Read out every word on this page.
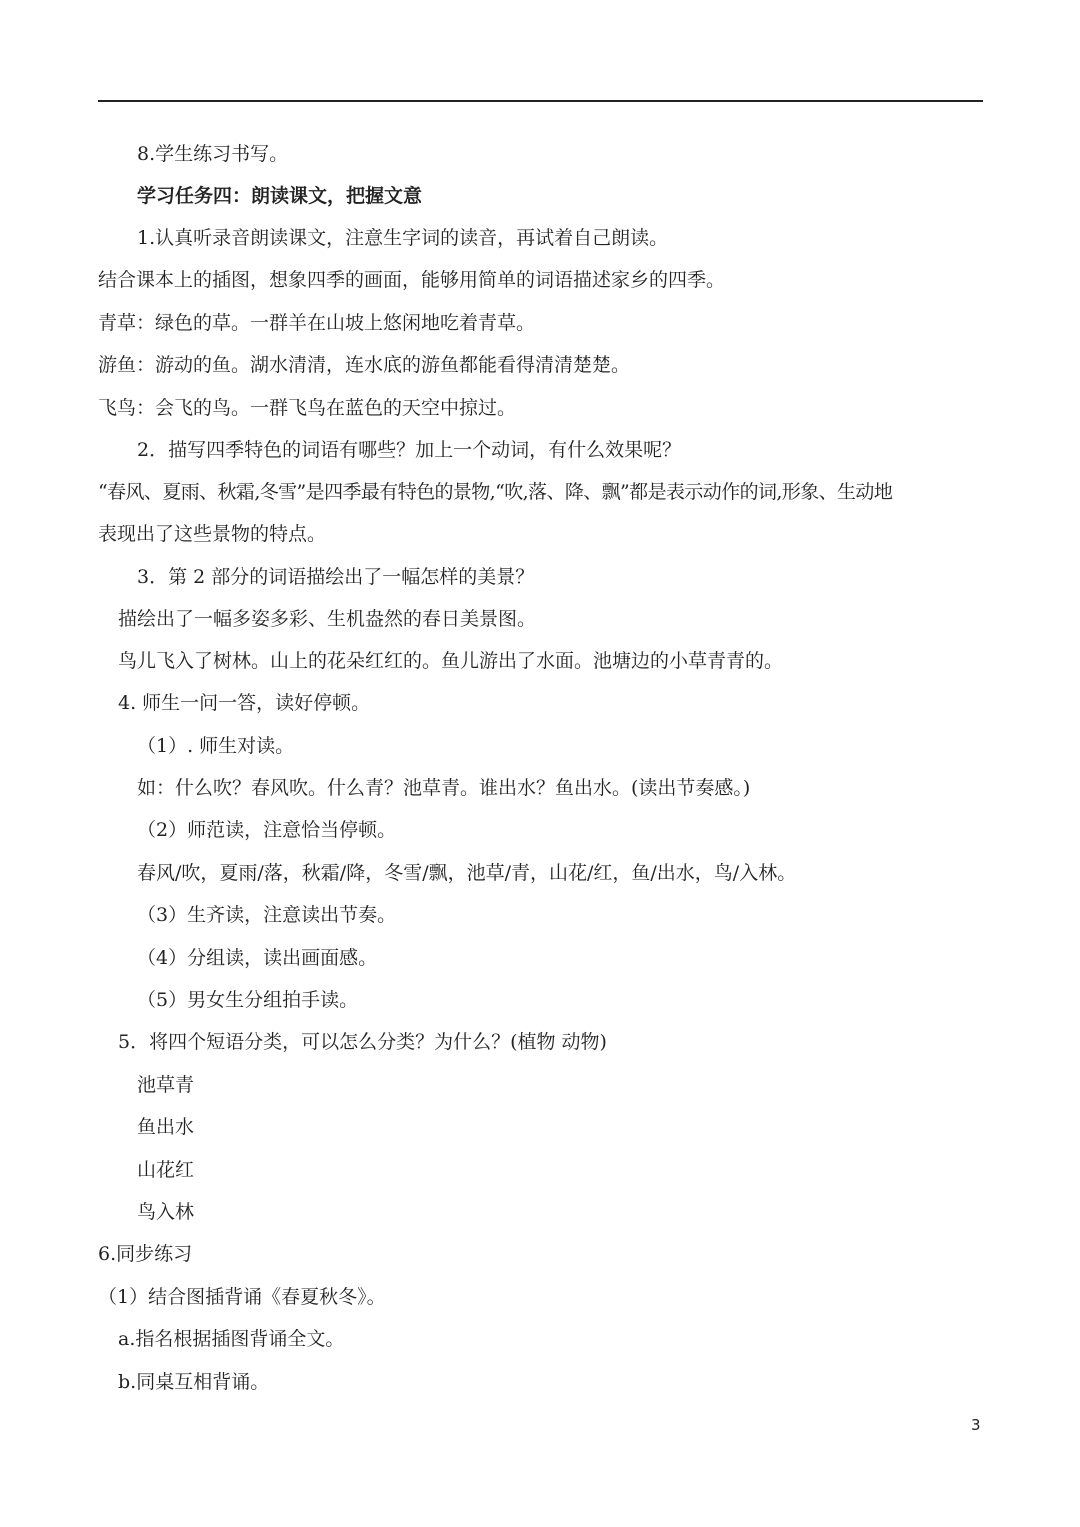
8.学生练习书写。
学习任务四：朗读课文，把握文意
1.认真听录音朗读课文，注意生字词的读音，再试着自己朗读。
结合课本上的插图，想象四季的画面，能够用简单的词语描述家乡的四季。
青草：绿色的草。一群羊在山坡上悠闲地吃着青草。
游鱼：游动的鱼。湖水清清，连水底的游鱼都能看得清清楚楚。
飞鸟：会飞的鸟。一群飞鸟在蓝色的天空中掠过。
2．描写四季特色的词语有哪些？加上一个动词，有什么效果呢？
“春风、夏雨、秋霜,冬雪”是四季最有特色的景物,“吹,落、降、飘”都是表示动作的词,形象、生动地
表现出了这些景物的特点。
3．第 2 部分的词语描绘出了一幅怎样的美景？
描绘出了一幅多姿多彩、生机盎然的春日美景图。
鸟儿飞入了树林。山上的花朵红红的。鱼儿游出了水面。池塘边的小草青青的。
4. 师生一问一答，读好停顿。
（1）. 师生对读。
如：什么吹？春风吹。什么青？池草青。谁出水？鱼出水。(读出节奏感。)
（2）师范读，注意恰当停顿。
春风/吹，夏雨/落，秋霜/降，冬雪/飘，池草/青，山花/红，鱼/出水，鸟/入林。
（3）生齐读，注意读出节奏。
（4）分组读，读出画面感。
（5）男女生分组拍手读。
5．将四个短语分类，可以怎么分类？为什么？(植物 动物)
池草青
鱼出水
山花红
鸟入林
6.同步练习
（1）结合图插背诵《春夏秋冬》。
a.指名根据插图背诵全文。
b.同桌互相背诵。
3
